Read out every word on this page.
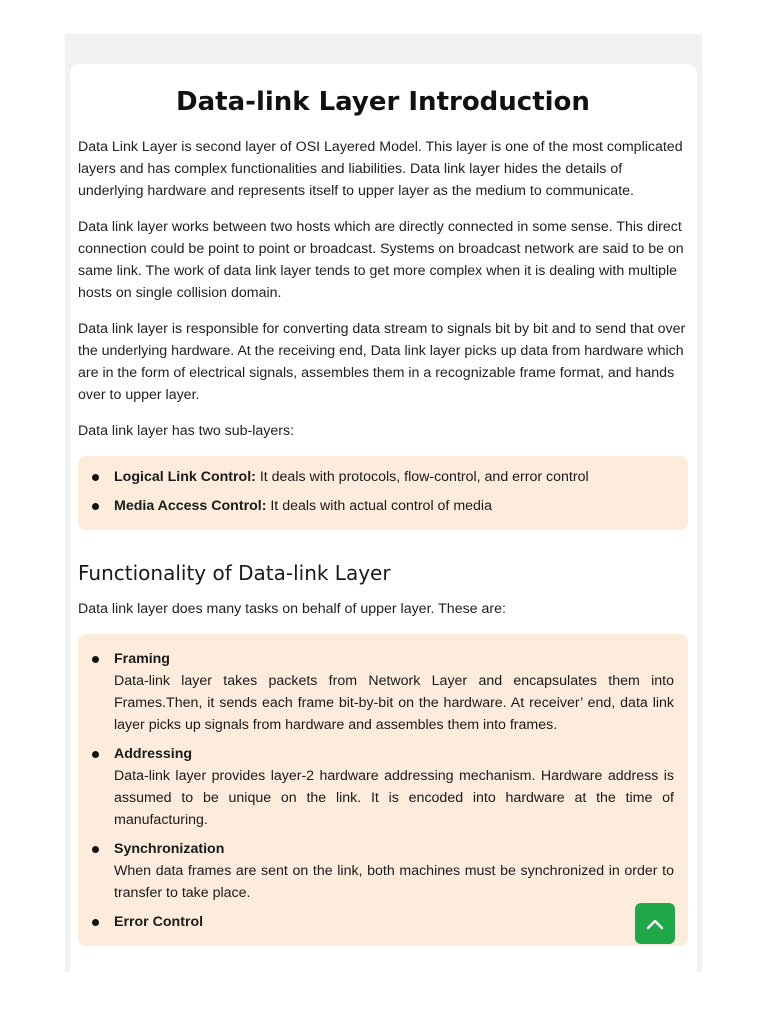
Data-link Layer Introduction

Data Link Layer is second layer of OSI Layered Model. This layer is one of the most complicated layers and has complex functionalities and liabilities. Data link layer hides the details of underlying hardware and represents itself to upper layer as the medium to communicate.

Data link layer works between two hosts which are directly connected in some sense. This direct connection could be point to point or broadcast. Systems on broadcast network are said to be on same link. The work of data link layer tends to get more complex when it is dealing with multiple hosts on single collision domain.

Data link layer is responsible for converting data stream to signals bit by bit and to send that over the underlying hardware. At the receiving end, Data link layer picks up data from hardware which are in the form of electrical signals, assembles them in a recognizable frame format, and hands over to upper layer.

Data link layer has two sub-layers:

Logical Link Control: It deals with protocols, flow-control, and error control
Media Access Control: It deals with actual control of media
Functionality of Data-link Layer

Data link layer does many tasks on behalf of upper layer. These are:

Framing
Data-link layer takes packets from Network Layer and encapsulates them into Frames.Then, it sends each frame bit-by-bit on the hardware. At receiver’ end, data link layer picks up signals from hardware and assembles them into frames.
Addressing
Data-link layer provides layer-2 hardware addressing mechanism. Hardware address is assumed to be unique on the link. It is encoded into hardware at the time of manufacturing.
Synchronization
When data frames are sent on the link, both machines must be synchronized in order to transfer to take place.
Error Control
